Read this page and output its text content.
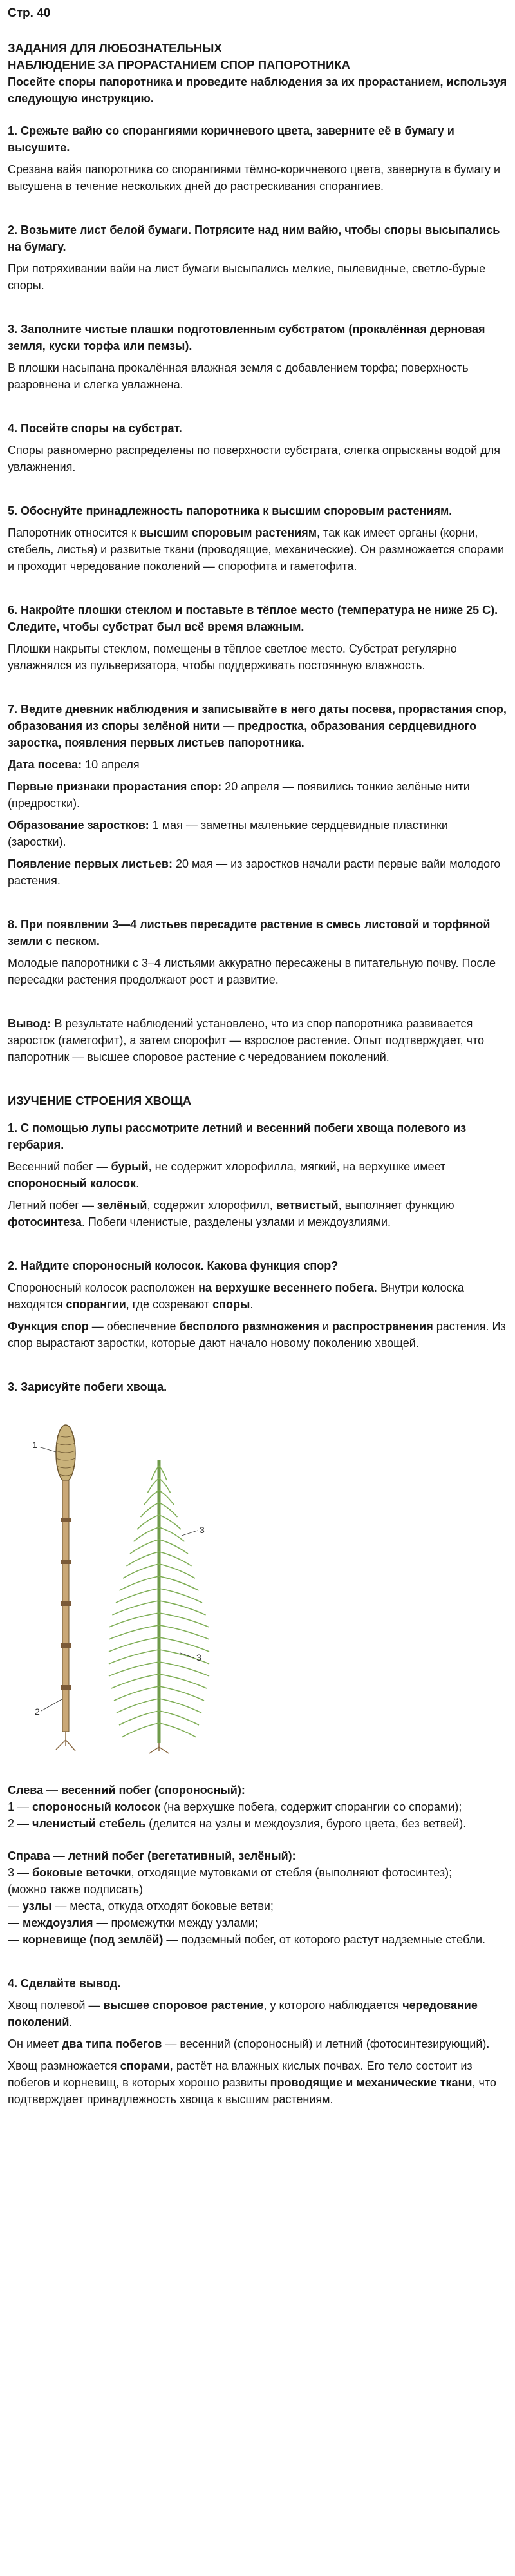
Стр. 40
ЗАДАНИЯ ДЛЯ ЛЮБОЗНАТЕЛЬНЫХ
НАБЛЮДЕНИЕ ЗА ПРОРАСТАНИЕМ СПОР ПАПОРОТНИКА

Посейте споры папоротника и проведите наблюдения за их прорастанием, используя следующую инструкцию.

1. Срежьте вайю со спорангиями коричневого цвета, заверните её в бумагу и высушите.

Срезана вайя папоротника со спорангиями тёмно-коричневого цвета, завернута в бумагу и высушена в течение нескольких дней до растрескивания спорангиев.

2. Возьмите лист белой бумаги. Потрясите над ним вайю, чтобы споры высыпались на бумагу.

При потряхивании вайи на лист бумаги высыпались мелкие, пылевидные, светло-бурые споры.

3. Заполните чистые плашки подготовленным субстратом (прокалённая дерновая земля, куски торфа или пемзы).

В плошки насыпана прокалённая влажная земля с добавлением торфа; поверхность разровнена и слегка увлажнена.

4. Посейте споры на субстрат.

Споры равномерно распределены по поверхности субстрата, слегка опрысканы водой для увлажнения.

5. Обоснуйте принадлежность папоротника к высшим споровым растениям.

Папоротник относится к высшим споровым растениям, так как имеет органы (корни, стебель, листья) и развитые ткани (проводящие, механические). Он размножается спорами и проходит чередование поколений — спорофита и гаметофита.

6. Накройте плошки стеклом и поставьте в тёплое место (температура не ниже 25 С). Следите, чтобы субстрат был всё время влажным.

Плошки накрыты стеклом, помещены в тёплое светлое место. Субстрат регулярно увлажнялся из пульверизатора, чтобы поддерживать постоянную влажность.

7. Ведите дневник наблюдения и записывайте в него даты посева, прорастания спор, образования из споры зелёной нити — предростка, образования сердцевидного заростка, появления первых листьев папоротника.

Дата посева: 10 апреля

Первые признаки прорастания спор: 20 апреля — появились тонкие зелёные нити (предростки).

Образование заростков: 1 мая — заметны маленькие сердцевидные пластинки (заростки).

Появление первых листьев: 20 мая — из заростков начали расти первые вайи молодого растения.

8. При появлении 3—4 листьев пересадите растение в смесь листовой и торфяной земли с песком.

Молодые папоротники с 3–4 листьями аккуратно пересажены в питательную почву. После пересадки растения продолжают рост и развитие.

Вывод: В результате наблюдений установлено, что из спор папоротника развивается заросток (гаметофит), а затем спорофит — взрослое растение. Опыт подтверждает, что папоротник — высшее споровое растение с чередованием поколений.

ИЗУЧЕНИЕ СТРОЕНИЯ ХВОЩА

1. С помощью лупы рассмотрите летний и весенний побеги хвоща полевого из гербария.

Весенний побег — бурый, не содержит хлорофилла, мягкий, на верхушке имеет спороносный колосок.

Летний побег — зелёный, содержит хлорофилл, ветвистый, выполняет функцию фотосинтеза. Побеги членистые, разделены узлами и междоузлиями.

2. Найдите спороносный колосок. Какова функция спор?

Спороносный колосок расположен на верхушке весеннего побега. Внутри колоска находятся спорангии, где созревают споры.

Функция спор — обеспечение бесполого размножения и распространения растения. Из спор вырастают заростки, которые дают начало новому поколению хвощей.

3. Зарисуйте побеги хвоща.

1
2
3
3

Слева — весенний побег (спороносный):

1 — спороносный колосок (на верхушке побега, содержит спорангии со спорами);

2 — членистый стебель (делится на узлы и междоузлия, бурого цвета, без ветвей).

Справа — летний побег (вегетативный, зелёный):

3 — боковые веточки, отходящие мутовками от стебля (выполняют фотосинтез);

(можно также подписать)

— узлы — места, откуда отходят боковые ветви;

— междоузлия — промежутки между узлами;

— корневище (под землёй) — подземный побег, от которого растут надземные стебли.

4. Сделайте вывод.

Хвощ полевой — высшее споровое растение, у которого наблюдается чередование поколений.

Он имеет два типа побегов — весенний (спороносный) и летний (фотосинтезирующий).

Хвощ размножается спорами, растёт на влажных кислых почвах. Его тело состоит из побегов и корневищ, в которых хорошо развиты проводящие и механические ткани, что подтверждает принадлежность хвоща к высшим растениям.
